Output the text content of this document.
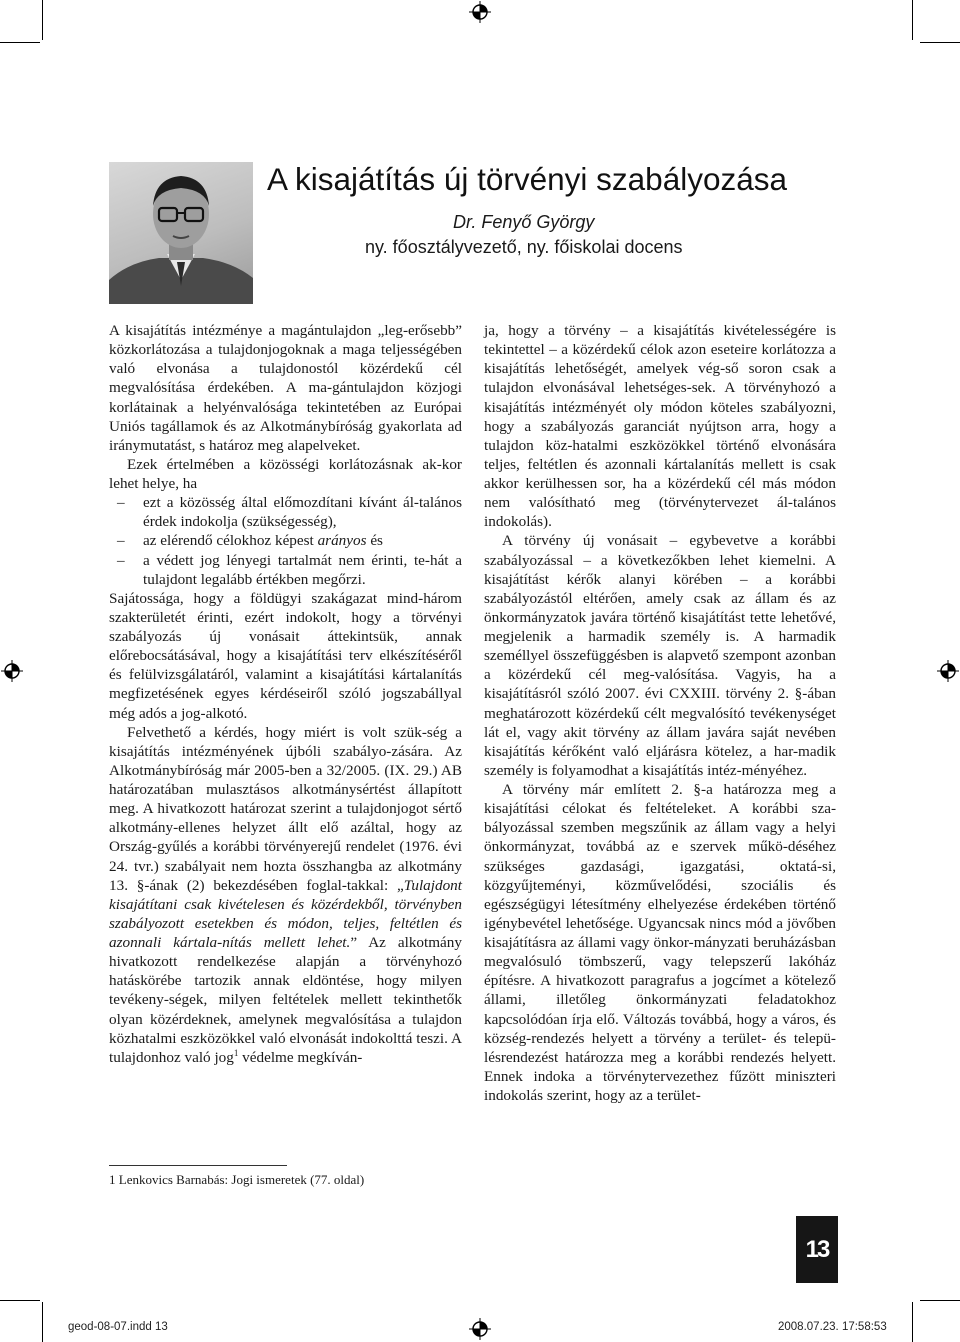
A kisajátítás új törvényi szabályozása
Dr. Fenyő György
ny. főosztályvezető, ny. főiskolai docens

A kisajátítás intézménye a magántulajdon „leg-erősebb” közkorlátozása a tulajdonjogoknak a maga teljességében való elvonása a tulajdonostól közérdekű cél megvalósítása érdekében. A ma-gántulajdon közjogi korlátainak a helyénvalósága tekintetében az Európai Uniós tagállamok és az Alkotmánybíróság gyakorlata ad iránymutatást, s határoz meg alapelveket.

Ezek értelmében a közösségi korlátozásnak ak-kor lehet helye, ha

– ezt a közösség által előmozdítani kívánt ál-talános érdek indokolja (szükségesség),

– az elérendő célokhoz képest arányos és

– a védett jog lényegi tartalmát nem érinti, te-hát a tulajdont legalább értékben megőrzi.

Sajátossága, hogy a földügyi szakágazat mind-három szakterületét érinti, ezért indokolt, hogy a törvényi szabályozás új vonásait áttekintsük, annak előrebocsátásával, hogy a kisajátítási terv elkészítéséről és felülvizsgálatáról, valamint a kisajátítási kártalanítás megfizetésének egyes kérdéseiről szóló jogszabállyal még adós a jog-alkotó.

Felvethető a kérdés, hogy miért is volt szük-ség a kisajátítás intézményének újbóli szabályo-zására. Az Alkotmánybíróság már 2005-ben a 32/2005. (IX. 29.) AB határozatában mulasztásos alkotmánysértést állapított meg. A hivatkozott határozat szerint a tulajdonjogot sértő alkotmány-ellenes helyzet állt elő azáltal, hogy az Ország-gyűlés a korábbi törvényerejű rendelet (1976. évi 24. tvr.) szabályait nem hozta összhangba az alkotmány 13. §-ának (2) bekezdésében foglal-takkal: „Tulajdont kisajátítani csak kivételesen és közérdekből, törvényben szabályozott esetekben és módon, teljes, feltétlen és azonnali kártala-nítás mellett lehet.” Az alkotmány hivatkozott rendelkezése alapján a törvényhozó hatáskörébe tartozik annak eldöntése, hogy milyen tevékeny-ségek, milyen feltételek mellett tekinthetők olyan közérdeknek, amelynek megvalósítása a tulajdon közhatalmi eszközökkel való elvonását indokolttá teszi. A tulajdonhoz való jog$^1$ védelme megkíván-

ja, hogy a törvény – a kisajátítás kivételességére is tekintettel – a közérdekű célok azon eseteire korlátozza a kisajátítás lehetőségét, amelyek vég-ső soron csak a tulajdon elvonásával lehetséges-sek. A törvényhozó a kisajátítás intézményét oly módon köteles szabályozni, hogy a szabályozás garanciát nyújtson arra, hogy a tulajdon köz-hatalmi eszközökkel történő elvonására teljes, feltétlen és azonnali kártalanítás mellett is csak akkor kerülhessen sor, ha a közérdekű cél más módon nem valósítható meg (törvénytervezet ál-talános indokolás).

A törvény új vonásait – egybevetve a korábbi szabályozással – a következőkben lehet kiemelni. A kisajátítást kérők alanyi körében – a korábbi szabályozástól eltérően, amely csak az állam és az önkormányzatok javára történő kisajátítást tette lehetővé, megjelenik a harmadik személy is. A harmadik személlyel összefüggésben is alapvető szempont azonban a közérdekű cél meg-valósítása. Vagyis, ha a kisajátításról szóló 2007. évi CXXIII. törvény 2. §-ában meghatározott közérdekű célt megvalósító tevékenységet lát el, vagy akit törvény az állam javára saját nevében kisajátítás kérőként való eljárásra kötelez, a har-madik személy is folyamodhat a kisajátítás intéz-ményéhez.

A törvény már említett 2. §-a határozza meg a kisajátítási célokat és feltételeket. A korábbi sza-bályozással szemben megszűnik az állam vagy a helyi önkormányzat, továbbá az e szervek műkö-déséhez szükséges gazdasági, igazgatási, oktatá-si, közgyűjteményi, közművelődési, szociális és egészségügyi létesítmény elhelyezése érdekében történő igénybevétel lehetősége. Ugyancsak nincs mód a jövőben kisajátításra az állami vagy önkor-mányzati beruházásban megvalósuló tömbszerű, vagy telepszerű lakóház építésre. A hivatkozott paragrafus a jogcímet a kötelező állami, illetőleg önkormányzati feladatokhoz kapcsolódóan írja elő. Változás továbbá, hogy a város, és község-rendezés helyett a törvény a terület- és telepü-lésrendezést határozza meg a korábbi rendezés helyett. Ennek indoka a törvénytervezethez fűzött miniszteri indokolás szerint, hogy az a terület-

1 Lenkovics Barnabás: Jogi ismeretek (77. oldal)
13
geod-08-07.indd 13	2008.07.23. 17:58:53
